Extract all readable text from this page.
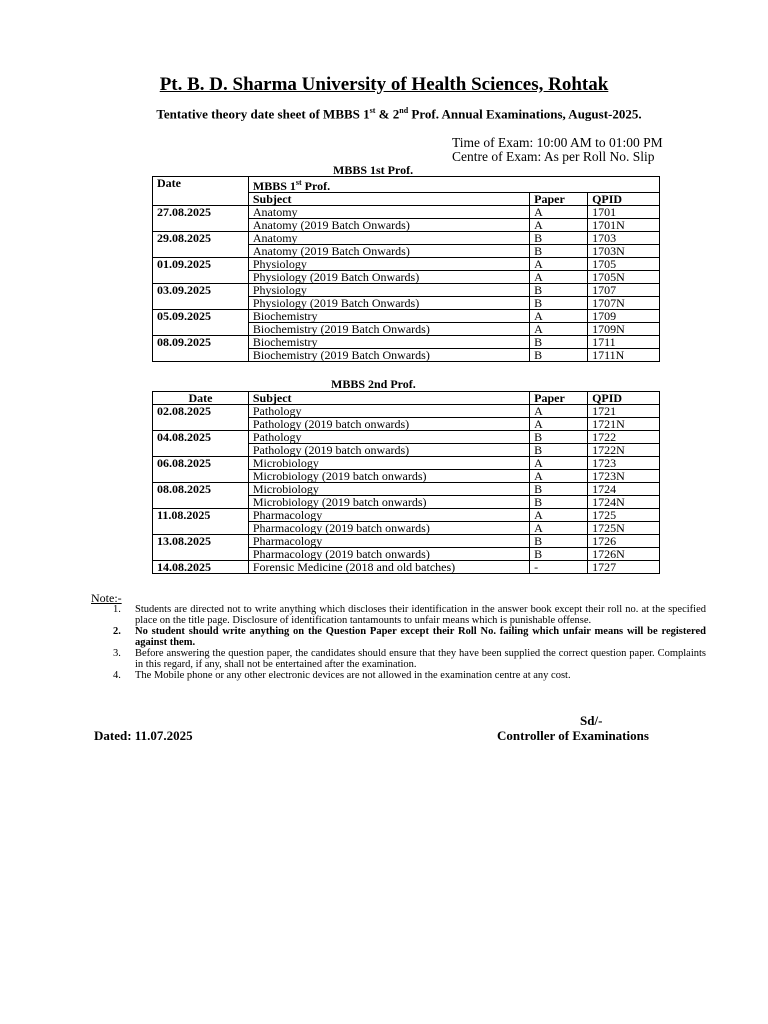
Pt. B. D. Sharma University of Health Sciences, Rohtak
Tentative theory date sheet of MBBS 1st & 2nd Prof. Annual Examinations, August-2025.
Time of Exam: 10:00 AM to 01:00 PM
Centre of Exam: As per Roll No. Slip
MBBS 1st Prof.
Date	MBBS 1st Prof.		
	Subject	Paper	QPID
27.08.2025	Anatomy	A	1701
	Anatomy (2019 Batch Onwards)	A	1701N
29.08.2025	Anatomy	B	1703
	Anatomy (2019 Batch Onwards)	B	1703N
01.09.2025	Physiology	A	1705
	Physiology (2019 Batch Onwards)	A	1705N
03.09.2025	Physiology	B	1707
	Physiology (2019 Batch Onwards)	B	1707N
05.09.2025	Biochemistry	A	1709
	Biochemistry (2019 Batch Onwards)	A	1709N
08.09.2025	Biochemistry	B	1711
	Biochemistry (2019 Batch Onwards)	B	1711N
MBBS 2nd Prof.
Date	Subject	Paper	QPID
02.08.2025	Pathology	A	1721
	Pathology (2019 batch onwards)	A	1721N
04.08.2025	Pathology	B	1722
	Pathology (2019 batch onwards)	B	1722N
06.08.2025	Microbiology	A	1723
	Microbiology (2019 batch onwards)	A	1723N
08.08.2025	Microbiology	B	1724
	Microbiology (2019 batch onwards)	B	1724N
11.08.2025	Pharmacology	A	1725
	Pharmacology (2019 batch onwards)	A	1725N
13.08.2025	Pharmacology	B	1726
	Pharmacology (2019 batch onwards)	B	1726N
14.08.2025	Forensic Medicine (2018 and old batches)	-	1727
Note:-
1. Students are directed not to write anything which discloses their identification in the answer book except their roll no. at the specified place on the title page. Disclosure of identification tantamounts to unfair means which is punishable offense.
2. No student should write anything on the Question Paper except their Roll No. failing which unfair means will be registered against them.
3. Before answering the question paper, the candidates should ensure that they have been supplied the correct question paper. Complaints in this regard, if any, shall not be entertained after the examination.
4. The Mobile phone or any other electronic devices are not allowed in the examination centre at any cost.
Sd/-
Dated: 11.07.2025	Controller of Examinations
